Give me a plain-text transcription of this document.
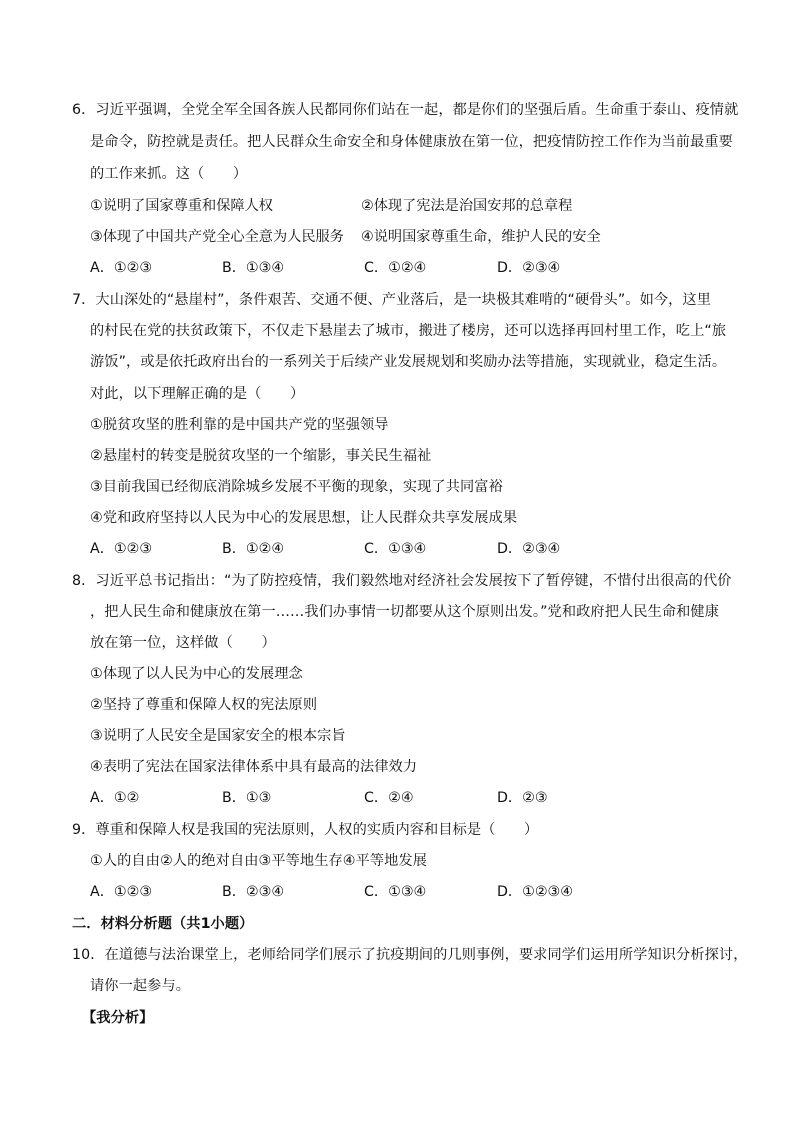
6．习近平强调，全党全军全国各族人民都同你们站在一起，都是你们的坚强后盾。生命重于泰山、疫情就
是命令，防控就是责任。把人民群众生命安全和身体健康放在第一位，把疫情防控工作作为当前最重要
的工作来抓。这（　　）
①说明了国家尊重和保障人权	②体现了宪法是治国安邦的总章程
③体现了中国共产党全心全意为人民服务 ④说明国家尊重生命，维护人民的安全
A．①②③	B．①③④	C．①②④	D．②③④
7．大山深处的“悬崖村”，条件艰苦、交通不便、产业落后，是一块极其难啃的“硬骨头”。如今，这里
的村民在党的扶贫政策下，不仅走下悬崖去了城市，搬进了楼房，还可以选择再回村里工作，吃上“旅
游饭”，或是依托政府出台的一系列关于后续产业发展规划和奖励办法等措施，实现就业，稳定生活。
对此，以下理解正确的是（　　）
①脱贫攻坚的胜利靠的是中国共产党的坚强领导
②悬崖村的转变是脱贫攻坚的一个缩影，事关民生福祉
③目前我国已经彻底消除城乡发展不平衡的现象，实现了共同富裕
④党和政府坚持以人民为中心的发展思想，让人民群众共享发展成果
A．①②③	B．①②④	C．①③④	D．②③④
8．习近平总书记指出：“为了防控疫情，我们毅然地对经济社会发展按下了暂停键，不惜付出很高的代价
，把人民生命和健康放在第一……我们办事情一切都要从这个原则出发。”党和政府把人民生命和健康
放在第一位，这样做（　　）
①体现了以人民为中心的发展理念
②坚持了尊重和保障人权的宪法原则
③说明了人民安全是国家安全的根本宗旨
④表明了宪法在国家法律体系中具有最高的法律效力
A．①②	B．①③	C．②④	D．②③
9．尊重和保障人权是我国的宪法原则，人权的实质内容和目标是（　　）
①人的自由②人的绝对自由③平等地生存④平等地发展
A．①②③	B．②③④	C．①③④	D．①②③④
二．材料分析题（共1小题）
10．在道德与法治课堂上，老师给同学们展示了抗疫期间的几则事例，要求同学们运用所学知识分析探讨，
请你一起参与。
【我分析】
